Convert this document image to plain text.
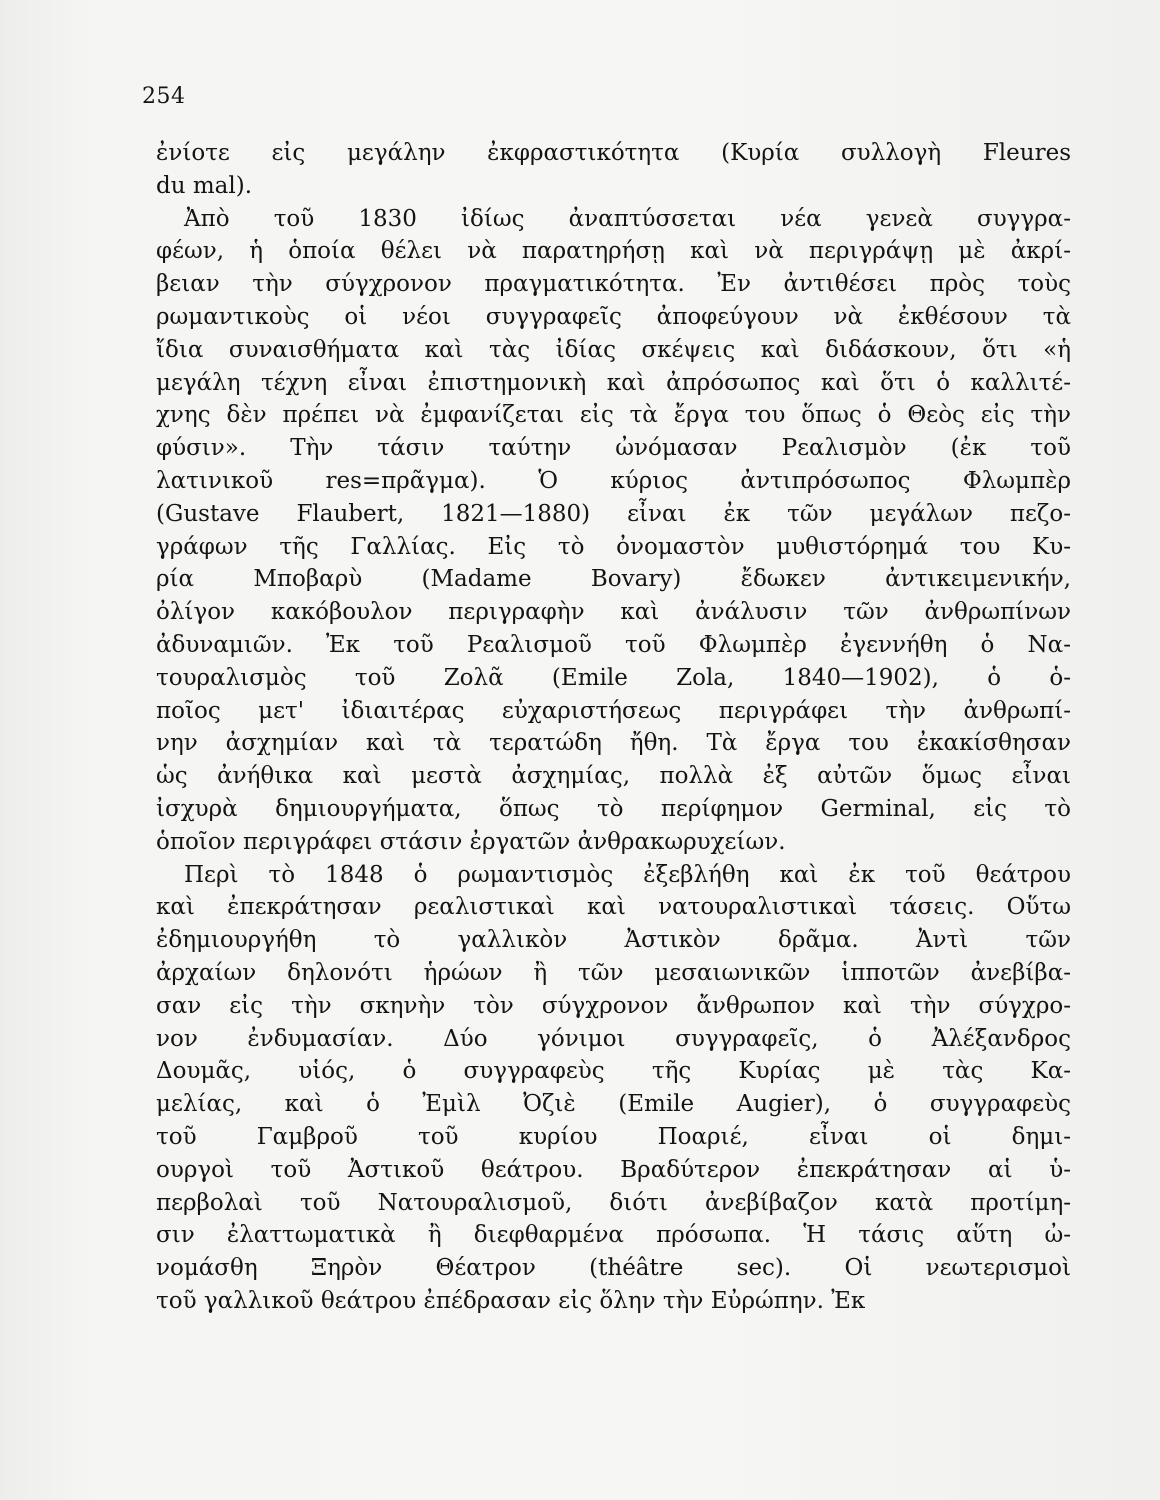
254

ἐνίοτε εἰς μεγάλην ἐκφραστικότητα (Κυρία συλλογὴ Fleures
du mal).

Ἀπὸ τοῦ 1830 ἰδίως ἀναπτύσσεται νέα γενεὰ συγγρα-
φέων, ἡ ὁποία θέλει νὰ παρατηρήσῃ καὶ νὰ περιγράψῃ μὲ ἀκρί-
βειαν τὴν σύγχρονον πραγματικότητα. Ἐν ἀντιθέσει πρὸς τοὺς
ρωμαντικοὺς οἱ νέοι συγγραφεῖς ἀποφεύγουν νὰ ἐκθέσουν τὰ
ἴδια συναισθήματα καὶ τὰς ἰδίας σκέψεις καὶ διδάσκουν, ὅτι «ἡ
μεγάλη τέχνη εἶναι ἐπιστημονικὴ καὶ ἀπρόσωπος καὶ ὅτι ὁ καλλιτέ-
χνης δὲν πρέπει νὰ ἐμφανίζεται εἰς τὰ ἔργα του ὅπως ὁ Θεὸς εἰς τὴν
φύσιν». Τὴν τάσιν ταύτην ὠνόμασαν Ρεαλισμὸν (ἐκ τοῦ
λατινικοῦ res=πρᾶγμα). Ὁ κύριος ἀντιπρόσωπος Φλωμπὲρ
(Gustave Flaubert, 1821—1880) εἶναι ἐκ τῶν μεγάλων πεζο-
γράφων τῆς Γαλλίας. Εἰς τὸ ὀνομαστὸν μυθιστόρημά του Κυ-
ρία Μποβαρὺ (Madame Bovary) ἔδωκεν ἀντικειμενικήν,
ὀλίγον κακόβουλον περιγραφὴν καὶ ἀνάλυσιν τῶν ἀνθρωπίνων
ἀδυναμιῶν. Ἐκ τοῦ Ρεαλισμοῦ τοῦ Φλωμπὲρ ἐγεννήθη ὁ Να-
τουραλισμὸς τοῦ Ζολᾶ (Emile Zola, 1840—1902), ὁ ὁ-
ποῖος μετ' ἰδιαιτέρας εὐχαριστήσεως περιγράφει τὴν ἀνθρωπί-
νην ἀσχημίαν καὶ τὰ τερατώδη ἤθη. Τὰ ἔργα του ἐκακίσθησαν
ὡς ἀνήθικα καὶ μεστὰ ἀσχημίας, πολλὰ ἐξ αὐτῶν ὅμως εἶναι
ἰσχυρὰ δημιουργήματα, ὅπως τὸ περίφημον Germinal, εἰς τὸ
ὁποῖον περιγράφει στάσιν ἐργατῶν ἀνθρακωρυχείων.

Περὶ τὸ 1848 ὁ ρωμαντισμὸς ἐξεβλήθη καὶ ἐκ τοῦ θεάτρου
καὶ ἐπεκράτησαν ρεαλιστικαὶ καὶ νατουραλιστικαὶ τάσεις. Οὕτω
ἐδημιουργήθη τὸ γαλλικὸν Ἀστικὸν δρᾶμα. Ἀντὶ τῶν
ἀρχαίων δηλονότι ἡρώων ἢ τῶν μεσαιωνικῶν ἱπποτῶν ἀνεβίβα-
σαν εἰς τὴν σκηνὴν τὸν σύγχρονον ἄνθρωπον καὶ τὴν σύγχρο-
νον ἐνδυμασίαν. Δύο γόνιμοι συγγραφεῖς, ὁ Ἀλέξανδρος
Δουμᾶς, υἱός, ὁ συγγραφεὺς τῆς Κυρίας μὲ τὰς Κα-
μελίας, καὶ ὁ Ἐμὶλ Ὀζιὲ (Emile Augier), ὁ συγγραφεὺς
τοῦ Γαμβροῦ τοῦ κυρίου Ποαριέ, εἶναι οἱ δημι-
ουργοὶ τοῦ Ἀστικοῦ θεάτρου. Βραδύτερον ἐπεκράτησαν αἱ ὑ-
περβολαὶ τοῦ Νατουραλισμοῦ, διότι ἀνεβίβαζον κατὰ προτίμη-
σιν ἐλαττωματικὰ ἢ διεφθαρμένα πρόσωπα. Ἡ τάσις αὕτη ὠ-
νομάσθη Ξηρὸν Θέατρον (théâtre sec). Οἱ νεωτερισμοὶ
τοῦ γαλλικοῦ θεάτρου ἐπέδρασαν εἰς ὅλην τὴν Εὐρώπην. Ἐκ
